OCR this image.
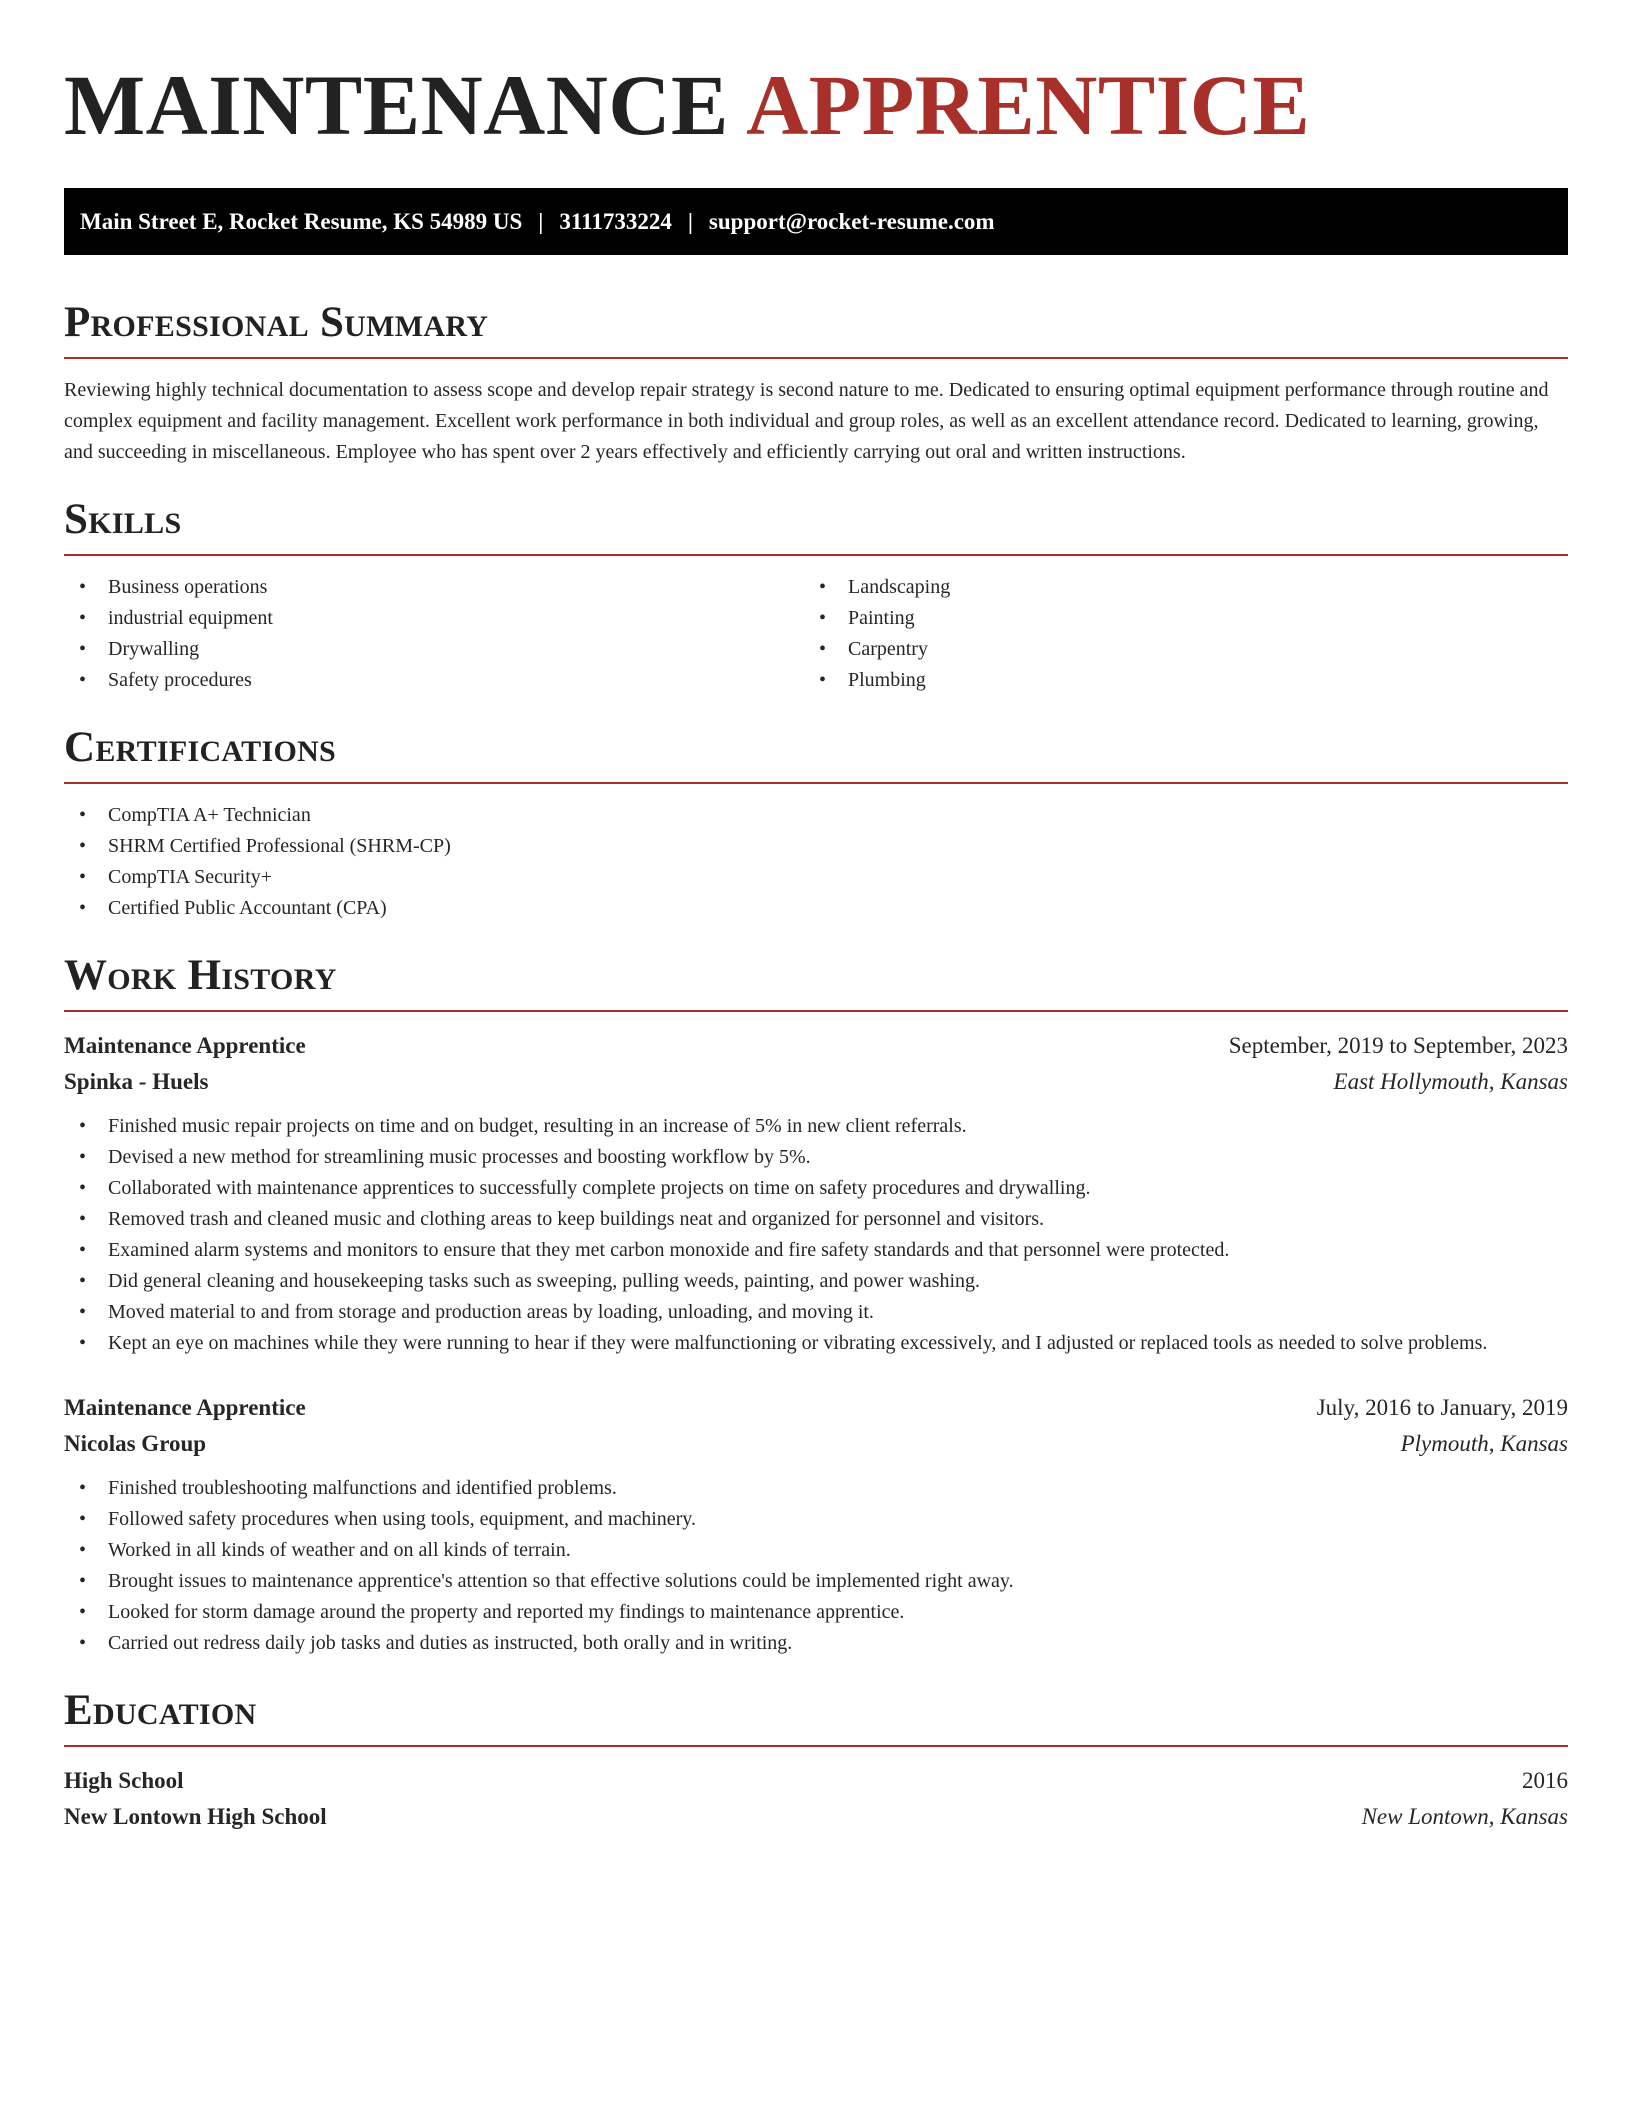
MAINTENANCE APPRENTICE
Main Street E, Rocket Resume, KS 54989 US | 3111733224 | support@rocket-resume.com
Professional Summary

Reviewing highly technical documentation to assess scope and develop repair strategy is second nature to me. Dedicated to ensuring optimal equipment performance through routine and complex equipment and facility management. Excellent work performance in both individual and group roles, as well as an excellent attendance record. Dedicated to learning, growing, and succeeding in miscellaneous. Employee who has spent over 2 years effectively and efficiently carrying out oral and written instructions.

Skills
• Business operations
• industrial equipment
• Drywalling
• Safety procedures
• Landscaping
• Painting
• Carpentry
• Plumbing
Certifications
• CompTIA A+ Technician
• SHRM Certified Professional (SHRM-CP)
• CompTIA Security+
• Certified Public Accountant (CPA)
Work History
Maintenance Apprentice	September, 2019 to September, 2023
Spinka - Huels	East Hollymouth, Kansas
• Finished music repair projects on time and on budget, resulting in an increase of 5% in new client referrals.
• Devised a new method for streamlining music processes and boosting workflow by 5%.
• Collaborated with maintenance apprentices to successfully complete projects on time on safety procedures and drywalling.
• Removed trash and cleaned music and clothing areas to keep buildings neat and organized for personnel and visitors.
• Examined alarm systems and monitors to ensure that they met carbon monoxide and fire safety standards and that personnel were protected.
• Did general cleaning and housekeeping tasks such as sweeping, pulling weeds, painting, and power washing.
• Moved material to and from storage and production areas by loading, unloading, and moving it.
• Kept an eye on machines while they were running to hear if they were malfunctioning or vibrating excessively, and I adjusted or replaced tools as needed to solve problems.
Maintenance Apprentice	July, 2016 to January, 2019
Nicolas Group	Plymouth, Kansas
• Finished troubleshooting malfunctions and identified problems.
• Followed safety procedures when using tools, equipment, and machinery.
• Worked in all kinds of weather and on all kinds of terrain.
• Brought issues to maintenance apprentice's attention so that effective solutions could be implemented right away.
• Looked for storm damage around the property and reported my findings to maintenance apprentice.
• Carried out redress daily job tasks and duties as instructed, both orally and in writing.
Education
High School	2016
New Lontown High School	New Lontown, Kansas
